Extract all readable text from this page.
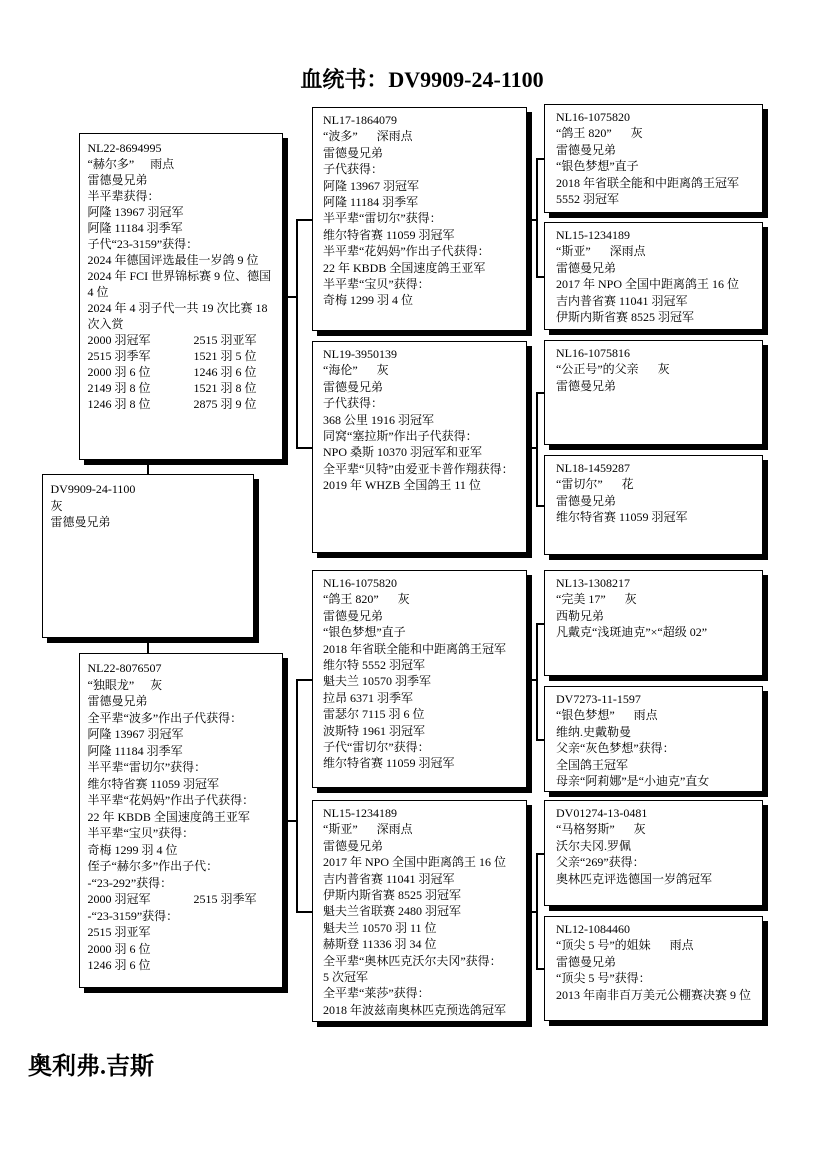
血统书：DV9909-24-1100
NL22-8694995
“赫尔多” 雨点
雷德曼兄弟
半平辈获得：
阿隆 13967 羽冠军
阿隆 11184 羽季军
子代“23-3159”获得：
2024 年德国评选最佳一岁鸽 9 位
2024 年 FCI 世界锦标赛 9 位、德国 4 位
2024 年 4 羽子代一共 19 次比赛 18 次入赏
2000 羽冠军	2515 羽亚军
2515 羽季军	1521 羽 5 位
2000 羽 6 位	1246 羽 6 位
2149 羽 8 位	1521 羽 8 位
1246 羽 8 位	2875 羽 9 位
NL22-8076507
“独眼龙” 灰
雷德曼兄弟
全平辈“波多”作出子代获得：
阿隆 13967 羽冠军
阿隆 11184 羽季军
半平辈“雷切尔”获得：
维尔特省赛 11059 羽冠军
半平辈“花妈妈”作出子代获得：
22 年 KBDB 全国速度鸽王亚军
半平辈“宝贝”获得：
奇梅 1299 羽 4 位
侄子“赫尔多”作出子代：
-“23-292”获得：
2000 羽冠军	2515 羽季军
-“23-3159”获得：
2515 羽亚军
2000 羽 6 位
1246 羽 6 位
DV9909-24-1100
灰
雷德曼兄弟
NL17-1864079
“波多” 深雨点
雷德曼兄弟
子代获得：
阿隆 13967 羽冠军
阿隆 11184 羽季军
半平辈“雷切尔”获得：
维尔特省赛 11059 羽冠军
半平辈“花妈妈”作出子代获得：
22 年 KBDB 全国速度鸽王亚军
半平辈“宝贝”获得：
奇梅 1299 羽 4 位
NL19-3950139
“海伦” 灰
雷德曼兄弟
子代获得：
368 公里 1916 羽冠军
同窝“塞拉斯”作出子代获得：
NPO 桑斯 10370 羽冠军和亚军
全平辈“贝特”由爱亚卡普作翔获得：
2019 年 WHZB 全国鸽王 11 位
NL16-1075820
“鸽王 820” 灰
雷德曼兄弟
“银色梦想”直子
2018 年省联全能和中距离鸽王冠军
维尔特 5552 羽冠军
魁夫兰 10570 羽季军
拉昂 6371 羽季军
雷瑟尔 7115 羽 6 位
波斯特 1961 羽冠军
子代“雷切尔”获得：
维尔特省赛 11059 羽冠军
NL15-1234189
“斯亚” 深雨点
雷德曼兄弟
2017 年 NPO 全国中距离鸽王 16 位
吉内普省赛 11041 羽冠军
伊斯内斯省赛 8525 羽冠军
魁夫兰省联赛 2480 羽冠军
魁夫兰 10570 羽 11 位
赫斯登 11336 羽 34 位
全平辈“奥林匹克沃尔夫冈”获得：
5 次冠军
全平辈“莱莎”获得：
2018 年波兹南奥林匹克预选鸽冠军
NL16-1075820
“鸽王 820” 灰
雷德曼兄弟
“银色梦想”直子
2018 年省联全能和中距离鸽王冠军
5552 羽冠军
NL15-1234189
“斯亚” 深雨点
雷德曼兄弟
2017 年 NPO 全国中距离鸽王 16 位
吉内普省赛 11041 羽冠军
伊斯内斯省赛 8525 羽冠军
NL16-1075816
“公正号”的父亲 灰
雷德曼兄弟
NL18-1459287
“雷切尔” 花
雷德曼兄弟
维尔特省赛 11059 羽冠军
NL13-1308217
“完美 17” 灰
西勒兄弟
凡戴克“浅斑迪克”×“超级 02”
DV7273-11-1597
“银色梦想” 雨点
维纳.史戴勒曼
父亲“灰色梦想”获得：
全国鸽王冠军
母亲“阿莉娜”是“小迪克”直女
DV01274-13-0481
“马格努斯” 灰
沃尔夫冈.罗佩
父亲“269”获得：
奥林匹克评选德国一岁鸽冠军
NL12-1084460
“顶尖 5 号”的姐妹 雨点
雷德曼兄弟
“顶尖 5 号”获得：
2013 年南非百万美元公棚赛决赛 9 位
奥利弗.吉斯
